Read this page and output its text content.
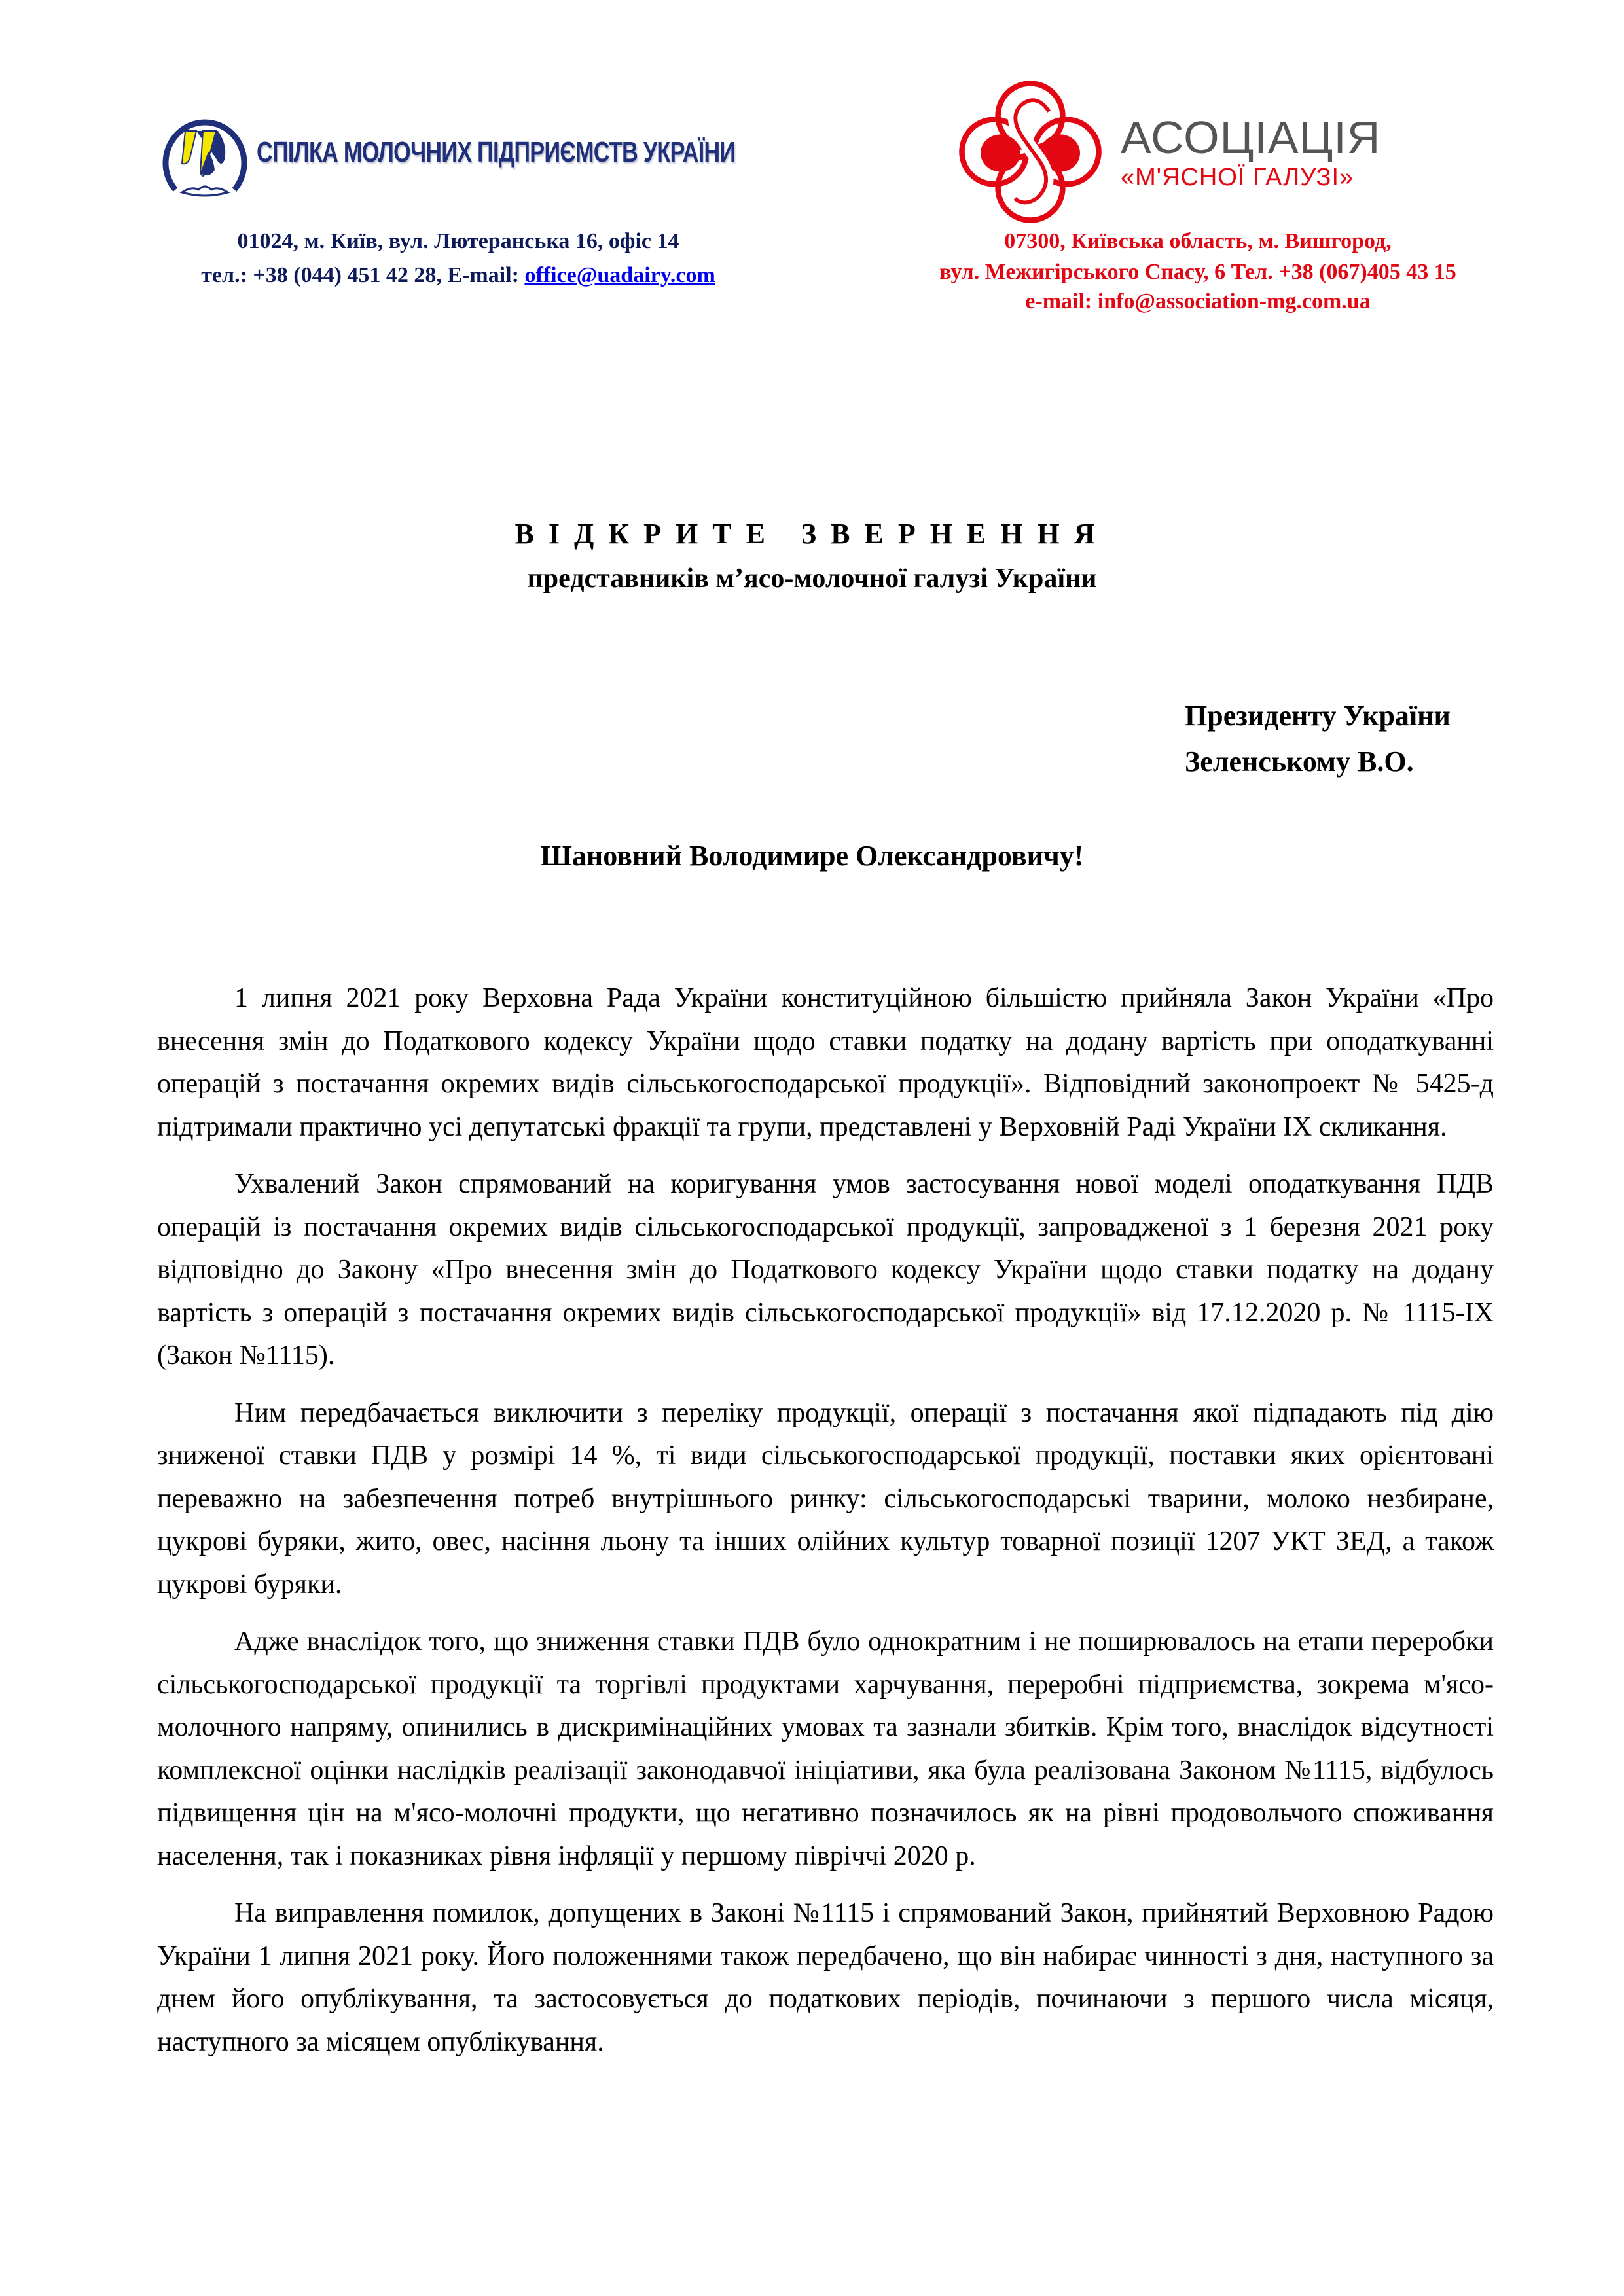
СПІЛКА МОЛОЧНИХ ПІДПРИЄМСТВ УКРАЇНИ
01024, м. Київ, вул. Лютеранська 16, офіс 14
тел.: +38 (044) 451 42 28, E-mail: office@uadairy.com
АСОЦІАЦІЯ
«М'ЯСНОЇ ГАЛУЗІ»
07300, Київська область, м. Вишгород,
вул. Межигірського Спасу, 6 Тел. +38 (067)405 43 15
e-mail: info@association-mg.com.ua
ВІДКРИТЕ ЗВЕРНЕННЯ
представників м’ясо-молочної галузі України
Президенту України
Зеленському В.О.
Шановний Володимире Олександровичу!

1 липня 2021 року Верховна Рада України конституційною більшістю прийняла Закон України «Про внесення змін до Податкового кодексу України щодо ставки податку на додану вартість при оподаткуванні операцій з постачання окремих видів сільськогосподарської продукції». Відповідний законопроект № 5425-д підтримали практично усі депутатські фракції та групи, представлені у Верховній Раді України IX скликання.

Ухвалений Закон спрямований на коригування умов застосування нової моделі оподаткування ПДВ операцій із постачання окремих видів сільськогосподарської продукції, запровадженої з 1 березня 2021 року відповідно до Закону «Про внесення змін до Податкового кодексу України щодо ставки податку на додану вартість з операцій з постачання окремих видів сільськогосподарської продукції» від 17.12.2020 р. № 1115-IX (Закон №1115).

Ним передбачається виключити з переліку продукції, операції з постачання якої підпадають під дію зниженої ставки ПДВ у розмірі 14 %, ті види сільськогосподарської продукції, поставки яких орієнтовані переважно на забезпечення потреб внутрішнього ринку: сільськогосподарські тварини, молоко незбиране, цукрові буряки, жито, овес, насіння льону та інших олійних культур товарної позиції 1207 УКТ ЗЕД, а також цукрові буряки.

Адже внаслідок того, що зниження ставки ПДВ було однократним і не поширювалось на етапи переробки сільськогосподарської продукції та торгівлі продуктами харчування, переробні підприємства, зокрема м'ясо-молочного напряму, опинились в дискримінаційних умовах та зазнали збитків. Крім того, внаслідок відсутності комплексної оцінки наслідків реалізації законодавчої ініціативи, яка була реалізована Законом №1115, відбулось підвищення цін на м'ясо-молочні продукти, що негативно позначилось як на рівні продовольчого споживання населення, так і показниках рівня інфляції у першому півріччі 2020 р.

На виправлення помилок, допущених в Законі №1115 і спрямований Закон, прийнятий Верховною Радою України 1 липня 2021 року. Його положеннями також передбачено, що він набирає чинності з дня, наступного за днем його опублікування, та застосовується до податкових періодів, починаючи з першого числа місяця, наступного за місяцем опублікування.
